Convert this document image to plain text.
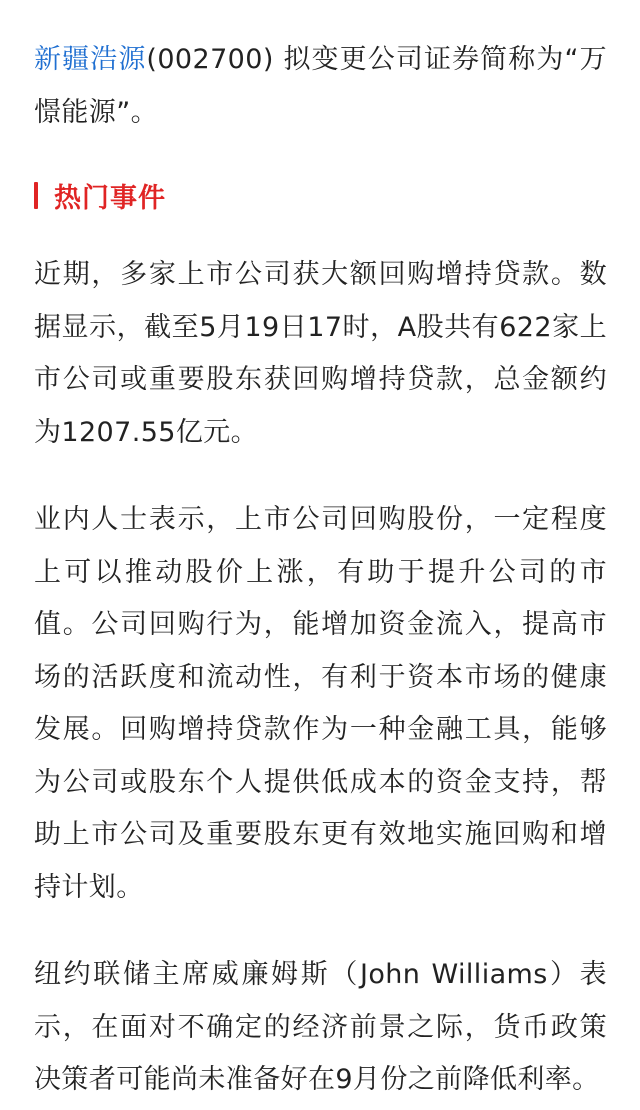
新疆浩源(002700) 拟变更公司证券简称为“万憬能源”。

热门事件

近期，多家上市公司获大额回购增持贷款。数据显示，截至5月19日17时，A股共有622家上市公司或重要股东获回购增持贷款，总金额约为1207.55亿元。

业内人士表示，上市公司回购股份，一定程度上可以推动股价上涨，有助于提升公司的市值。公司回购行为，能增加资金流入，提高市场的活跃度和流动性，有利于资本市场的健康发展。回购增持贷款作为一种金融工具，能够为公司或股东个人提供低成本的资金支持，帮助上市公司及重要股东更有效地实施回购和增持计划。

纽约联储主席威廉姆斯（John Williams）表示，在面对不确定的经济前景之际，货币政策决策者可能尚未准备好在9月份之前降低利率。
